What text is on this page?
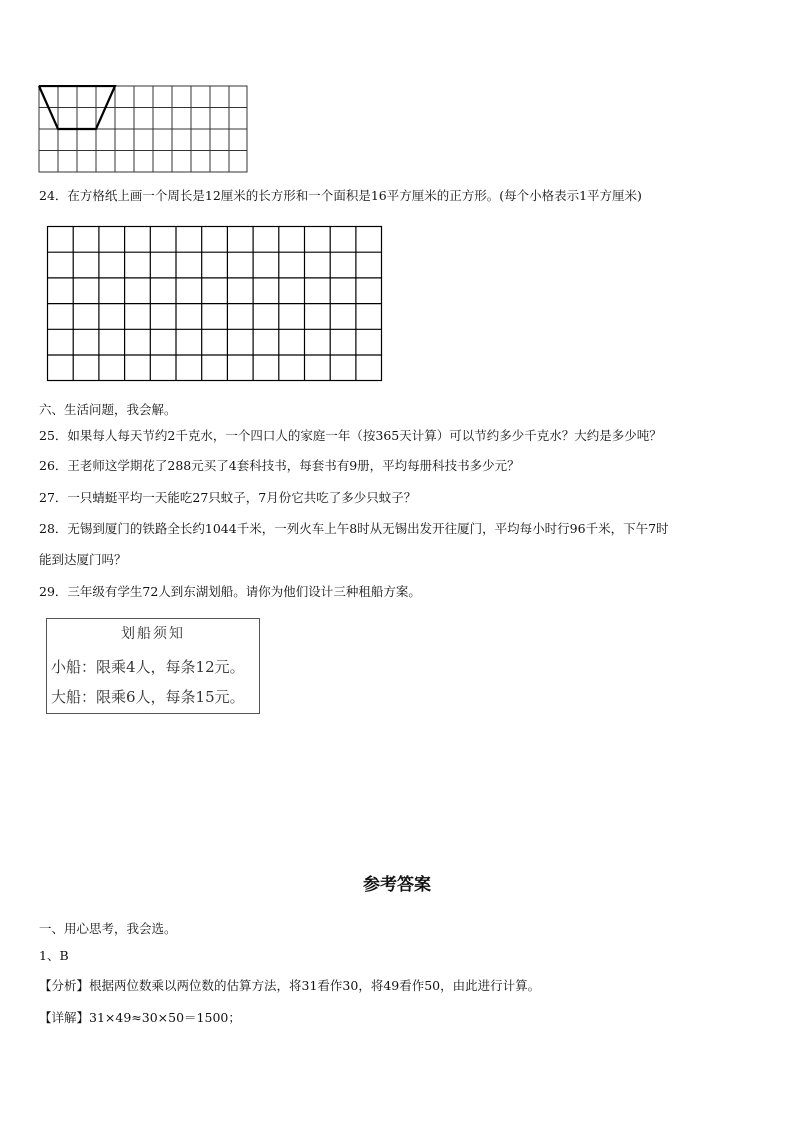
24．在方格纸上画一个周长是12厘米的长方形和一个面积是16平方厘米的正方形。(每个小格表示1平方厘米)
六、生活问题，我会解。
25．如果每人每天节约2千克水，一个四口人的家庭一年（按365天计算）可以节约多少千克水？大约是多少吨？
26．王老师这学期花了288元买了4套科技书，每套书有9册，平均每册科技书多少元？
27．一只蜻蜓平均一天能吃27只蚊子，7月份它共吃了多少只蚊子？
28．无锡到厦门的铁路全长约1044千米，一列火车上午8时从无锡出发开往厦门，平均每小时行96千米，下午7时
能到达厦门吗？
29．三年级有学生72人到东湖划船。请你为他们设计三种租船方案。
划船须知
小船：限乘4人，每条12元。
大船：限乘6人，每条15元。
参考答案
一、用心思考，我会选。
1、B
【分析】根据两位数乘以两位数的估算方法，将31看作30，将49看作50，由此进行计算。
【详解】31×49≈30×50＝1500；
